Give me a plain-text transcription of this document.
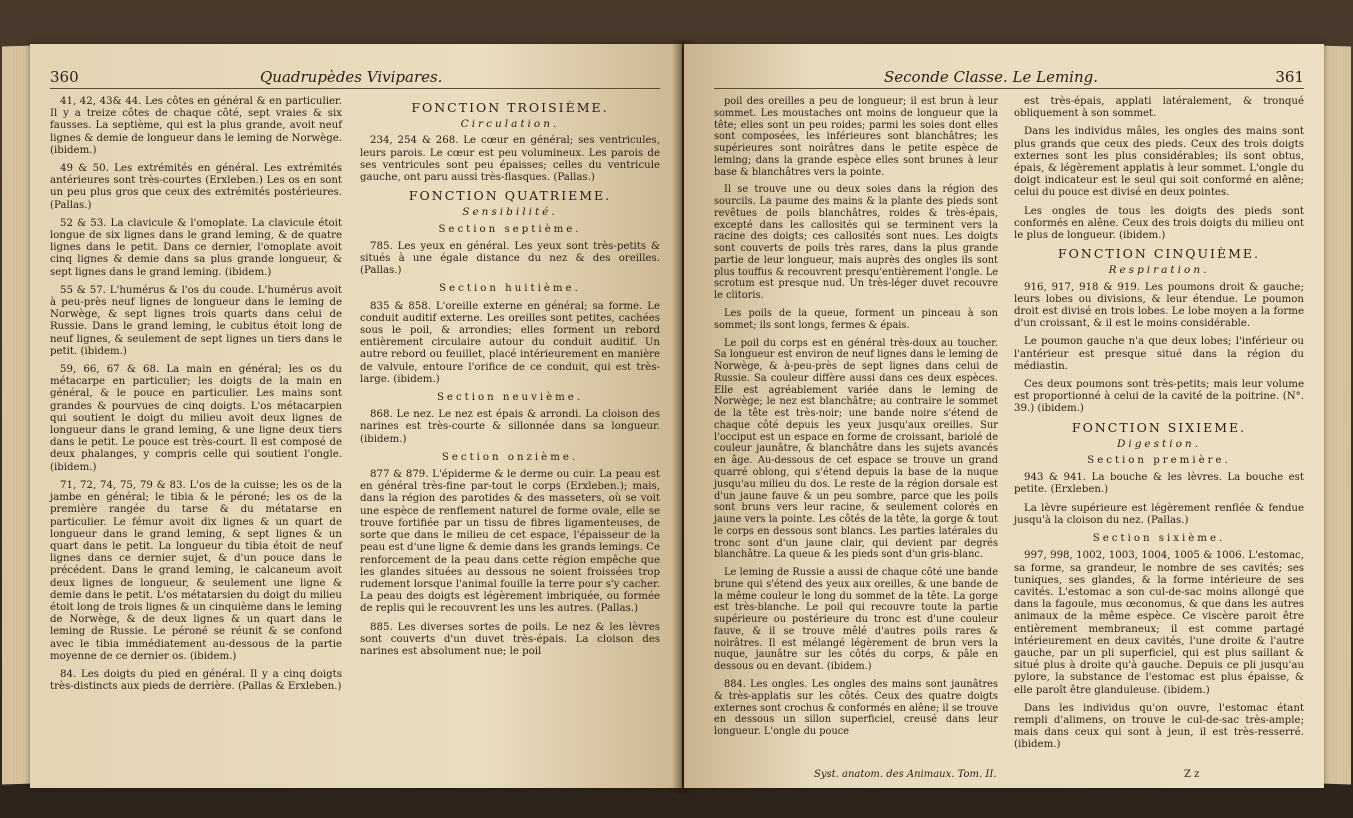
360	Quadrupèdes Vivipares.

41, 42, 43& 44. Les côtes en général & en particulier. Il y a treize côtes de chaque côté, sept vraies & six fausses. La septième, qui est la plus grande, avoit neuf lignes & demie de longueur dans le leming de Norwège. (ibidem.)

49 & 50. Les extrémités en général. Les extrémités antérieures sont très-courtes (Erxleben.) Les os en sont un peu plus gros que ceux des extrémités postérieures. (Pallas.)

52 & 53. La clavicule & l'omoplate. La clavicule étoit longue de six lignes dans le grand leming, & de quatre lignes dans le petit. Dans ce dernier, l'omoplate avoit cinq lignes & demie dans sa plus grande longueur, & sept lignes dans le grand leming. (ibidem.)

55 & 57. L'humérus & l'os du coude. L'humérus avoit à peu-près neuf lignes de longueur dans le leming de Norwège, & sept lignes trois quarts dans celui de Russie. Dans le grand leming, le cubitus étoit long de neuf lignes, & seulement de sept lignes un tiers dans le petit. (ibidem.)

59, 66, 67 & 68. La main en général; les os du métacarpe en particulier; les doigts de la main en général, & le pouce en particulier. Les mains sont grandes & pourvues de cinq doigts. L'os métacarpien qui soutient le doigt du milieu avoit deux lignes de longueur dans le grand leming, & une ligne deux tiers dans le petit. Le pouce est très-court. Il est composé de deux phalanges, y compris celle qui soutient l'ongle. (ibidem.)

71, 72, 74, 75, 79 & 83. L'os de la cuisse; les os de la jambe en général; le tibia & le péroné; les os de la première rangée du tarse & du métatarse en particulier. Le fémur avoit dix lignes & un quart de longueur dans le grand leming, & sept lignes & un quart dans le petit. La longueur du tibia étoit de neuf lignes dans ce dernier sujet, & d'un pouce dans le précédent. Dans le grand leming, le calcaneum avoit deux lignes de longueur, & seulement une ligne & demie dans le petit. L'os métatarsien du doigt du milieu étoit long de trois lignes & un cinquième dans le leming de Norwège, & de deux lignes & un quart dans le leming de Russie. Le péroné se réunit & se confond avec le tibia immédiatement au-dessous de la partie moyenne de ce dernier os. (ibidem.)

84. Les doigts du pied en général. Il y a cinq doigts très-distincts aux pieds de derrière. (Pallas & Erxleben.)

FONCTION TROISIÈME.
Circulation.

234, 254 & 268. Le cœur en général; ses ventricules, leurs parois. Le cœur est peu volumineux. Les parois de ses ventricules sont peu épaisses; celles du ventricule gauche, ont paru aussi très-flasques. (Pallas.)

FONCTION QUATRIEME.
Sensibilité.
Section septième.

785. Les yeux en général. Les yeux sont très-petits & situés à une égale distance du nez & des oreilles. (Pallas.)

Section huitième.

835 & 858. L'oreille externe en général; sa forme. Le conduit auditif externe. Les oreilles sont petites, cachées sous le poil, & arrondies; elles forment un rebord entièrement circulaire autour du conduit auditif. Un autre rebord ou feuillet, placé intérieurement en manière de valvule, entoure l'orifice de ce conduit, qui est très-large. (ibidem.)

Section neuvième.

868. Le nez. Le nez est épais & arrondi. La cloison des narines est très-courte & sillonnée dans sa longueur. (ibidem.)

Section onzième.

877 & 879. L'épiderme & le derme ou cuir. La peau est en général très-fine par-tout le corps (Erxleben.); mais, dans la région des parotides & des masseters, où se voit une espèce de renflement naturel de forme ovale, elle se trouve fortifiée par un tissu de fibres ligamenteuses, de sorte que dans le milieu de cet espace, l'épaisseur de la peau est d'une ligne & demie dans les grands lemings. Ce renforcement de la peau dans cette région empêche que les glandes situées au dessous ne soient froissées trop rudement lorsque l'animal fouille la terre pour s'y cacher. La peau des doigts est légèrement imbriquée, ou formée de replis qui le recouvrent les uns les autres. (Pallas.)

885. Les diverses sortes de poils. Le nez & les lèvres sont couverts d'un duvet très-épais. La cloison des narines est absolument nue; le poil

Seconde Classe. Le Leming.	361

poil des oreilles a peu de longueur; il est brun à leur sommet. Les moustaches ont moins de longueur que la tête; elles sont un peu roides; parmi les soies dont elles sont composées, les inférieures sont blanchâtres; les supérieures sont noirâtres dans le petite espèce de leming; dans la grande espèce elles sont brunes à leur base & blanchâtres vers la pointe.

Il se trouve une ou deux soies dans la région des sourcils. La paume des mains & la plante des pieds sont revêtues de poils blanchâtres, roides & très-épais, excepté dans les callosités qui se terminent vers la racine des doigts; ces callosités sont nues. Les doigts sont couverts de poils très rares, dans la plus grande partie de leur longueur, mais auprès des ongles ils sont plus touffus & recouvrent presqu'entièrement l'ongle. Le scrotum est presque nud. Un très-léger duvet recouvre le clitoris.

Les poils de la queue, forment un pinceau à son sommet; ils sont longs, fermes & épais.

Le poil du corps est en général très-doux au toucher. Sa longueur est environ de neuf lignes dans le leming de Norwège, & à-peu-près de sept lignes dans celui de Russie. Sa couleur diffère aussi dans ces deux espèces. Elle est agréablement variée dans le leming de Norwège; le nez est blanchâtre; au contraire le sommet de la tête est très-noir; une bande noire s'étend de chaque côté depuis les yeux jusqu'aux oreilles. Sur l'occiput est un espace en forme de croissant, bariolé de couleur jaunâtre, & blanchâtre dans les sujets avancés en âge. Au-dessous de cet espace se trouve un grand quarré oblong, qui s'étend depuis la base de la nuque jusqu'au milieu du dos. Le reste de la région dorsale est d'un jaune fauve & un peu sombre, parce que les poils sont bruns vers leur racine, & seulement colorés en jaune vers la pointe. Les côtés de la tête, la gorge & tout le corps en dessous sont blancs. Les parties latérales du tronc sont d'un jaune clair, qui devient par degrés blanchâtre. La queue & les pieds sont d'un gris-blanc.

Le leming de Russie a aussi de chaque côté une bande brune qui s'étend des yeux aux oreilles, & une bande de la même couleur le long du sommet de la tête. La gorge est très-blanche. Le poil qui recouvre toute la partie supérieure ou postérieure du tronc est d'une couleur fauve, & il se trouve mêlé d'autres poils rares & noirâtres. Il est mélangé légèrement de brun vers la nuque, jaunâtre sur les côtés du corps, & pâle en dessous ou en devant. (ibidem.)

884. Les ongles. Les ongles des mains sont jaunâtres & très-applatis sur les côtés. Ceux des quatre doigts externes sont crochus & conformés en alêne; il se trouve en dessous un sillon superficiel, creusé dans leur longueur. L'ongle du pouce

est très-épais, applati latéralement, & tronqué obliquement à son sommet.

Dans les individus mâles, les ongles des mains sont plus grands que ceux des pieds. Ceux des trois doigts externes sont les plus considérables; ils sont obtus, épais, & légèrement applatis à leur sommet. L'ongle du doigt indicateur est le seul qui soit conformé en alêne; celui du pouce est divisé en deux pointes.

Les ongles de tous les doigts des pieds sont conformés en alêne. Ceux des trois doigts du milieu ont le plus de longueur. (ibidem.)

FONCTION CINQUIÈME.
Respiration.

916, 917, 918 & 919. Les poumons droit & gauche; leurs lobes ou divisions, & leur étendue. Le poumon droit est divisé en trois lobes. Le lobe moyen a la forme d'un croissant, & il est le moins considérable.

Le poumon gauche n'a que deux lobes; l'inférieur ou l'antérieur est presque situé dans la région du médiastin.

Ces deux poumons sont très-petits; mais leur volume est proportionné à celui de la cavité de la poitrine. (N°. 39.) (ibidem.)

FONCTION SIXIEME.
Digestion.
Section première.

943 & 941. La bouche & les lèvres. La bouche est petite. (Erxleben.)

La lèvre supérieure est légèrement renflée & fendue jusqu'à la cloison du nez. (Pallas.)

Section sixième.

997, 998, 1002, 1003, 1004, 1005 & 1006. L'estomac, sa forme, sa grandeur, le nombre de ses cavités; ses tuniques, ses glandes, & la forme intérieure de ses cavités. L'estomac a son cul-de-sac moins allongé que dans la fagoule, mus œconomus, & que dans les autres animaux de la même espèce. Ce viscère paroit être entièrement membraneux; il est comme partagé intérieurement en deux cavités, l'une droite & l'autre gauche, par un pli superficiel, qui est plus saillant & situé plus à droite qu'à gauche. Depuis ce pli jusqu'au pylore, la substance de l'estomac est plus épaisse, & elle paroît être glanduleuse. (ibidem.)

Dans les individus qu'on ouvre, l'estomac étant rempli d'alimens, on trouve le cul-de-sac très-ample; mais dans ceux qui sont à jeun, il est très-resserré. (ibidem.)

Syst. anatom. des Animaux. Tom. II.	Z z
